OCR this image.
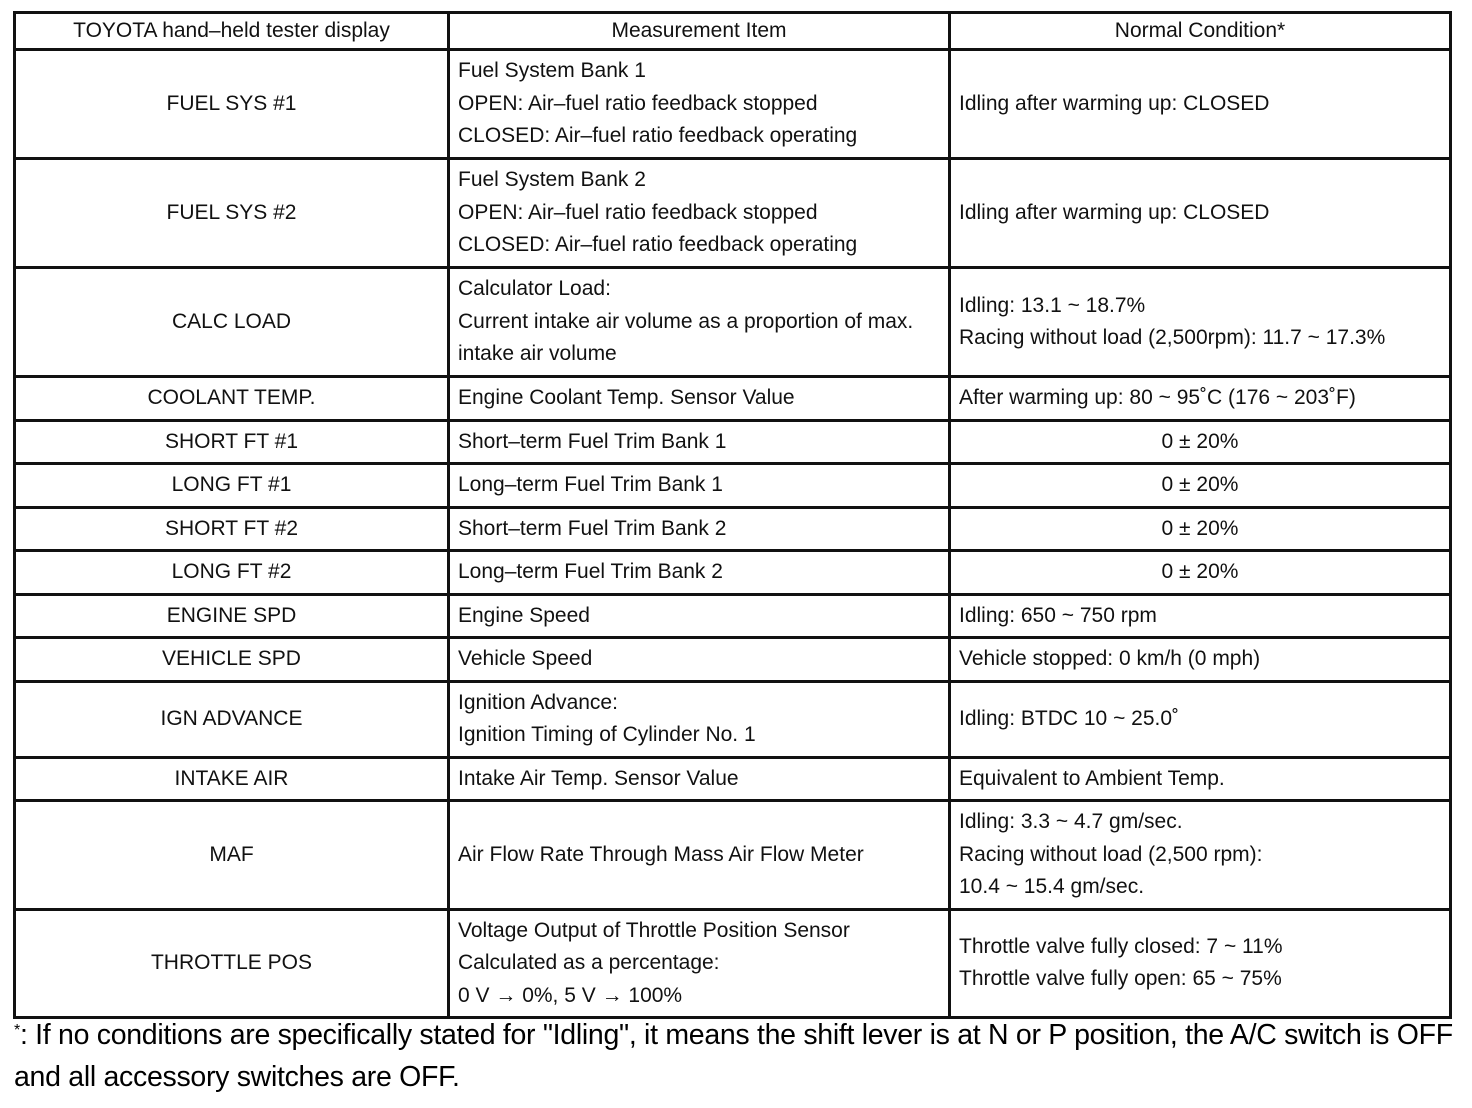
TOYOTA hand–held tester display	Measurement Item	Normal Condition*

FUEL SYS #1	Fuel System Bank 1
OPEN: Air–fuel ratio feedback stopped
CLOSED: Air–fuel ratio feedback operating	Idling after warming up: CLOSED

FUEL SYS #2	Fuel System Bank 2
OPEN: Air–fuel ratio feedback stopped
CLOSED: Air–fuel ratio feedback operating	Idling after warming up: CLOSED

CALC LOAD	Calculator Load:
Current intake air volume as a proportion of max.
intake air volume	Idling: 13.1 ~ 18.7%
Racing without load (2,500rpm): 11.7 ~ 17.3%

COOLANT TEMP.	Engine Coolant Temp. Sensor Value	After warming up: 80 ~ 95˚C (176 ~ 203˚F)

SHORT FT #1	Short–term Fuel Trim Bank 1	0 ± 20%

LONG FT #1	Long–term Fuel Trim Bank 1	0 ± 20%

SHORT FT #2	Short–term Fuel Trim Bank 2	0 ± 20%

LONG FT #2	Long–term Fuel Trim Bank 2	0 ± 20%

ENGINE SPD	Engine Speed	Idling: 650 ~ 750 rpm

VEHICLE SPD	Vehicle Speed	Vehicle stopped: 0 km/h (0 mph)

IGN ADVANCE	Ignition Advance:
Ignition Timing of Cylinder No. 1	Idling: BTDC 10 ~ 25.0˚

INTAKE AIR	Intake Air Temp. Sensor Value	Equivalent to Ambient Temp.

MAF	Air Flow Rate Through Mass Air Flow Meter	Idling: 3.3 ~ 4.7 gm/sec.
Racing without load (2,500 rpm):
10.4 ~ 15.4 gm/sec.

THROTTLE POS	Voltage Output of Throttle Position Sensor
Calculated as a percentage:
0 V → 0%, 5 V → 100%	Throttle valve fully closed: 7 ~ 11%
Throttle valve fully open: 65 ~ 75%
*: If no conditions are specifically stated for "Idling", it means the shift lever is at N or P position, the A/C switch is OFF and all accessory switches are OFF.
